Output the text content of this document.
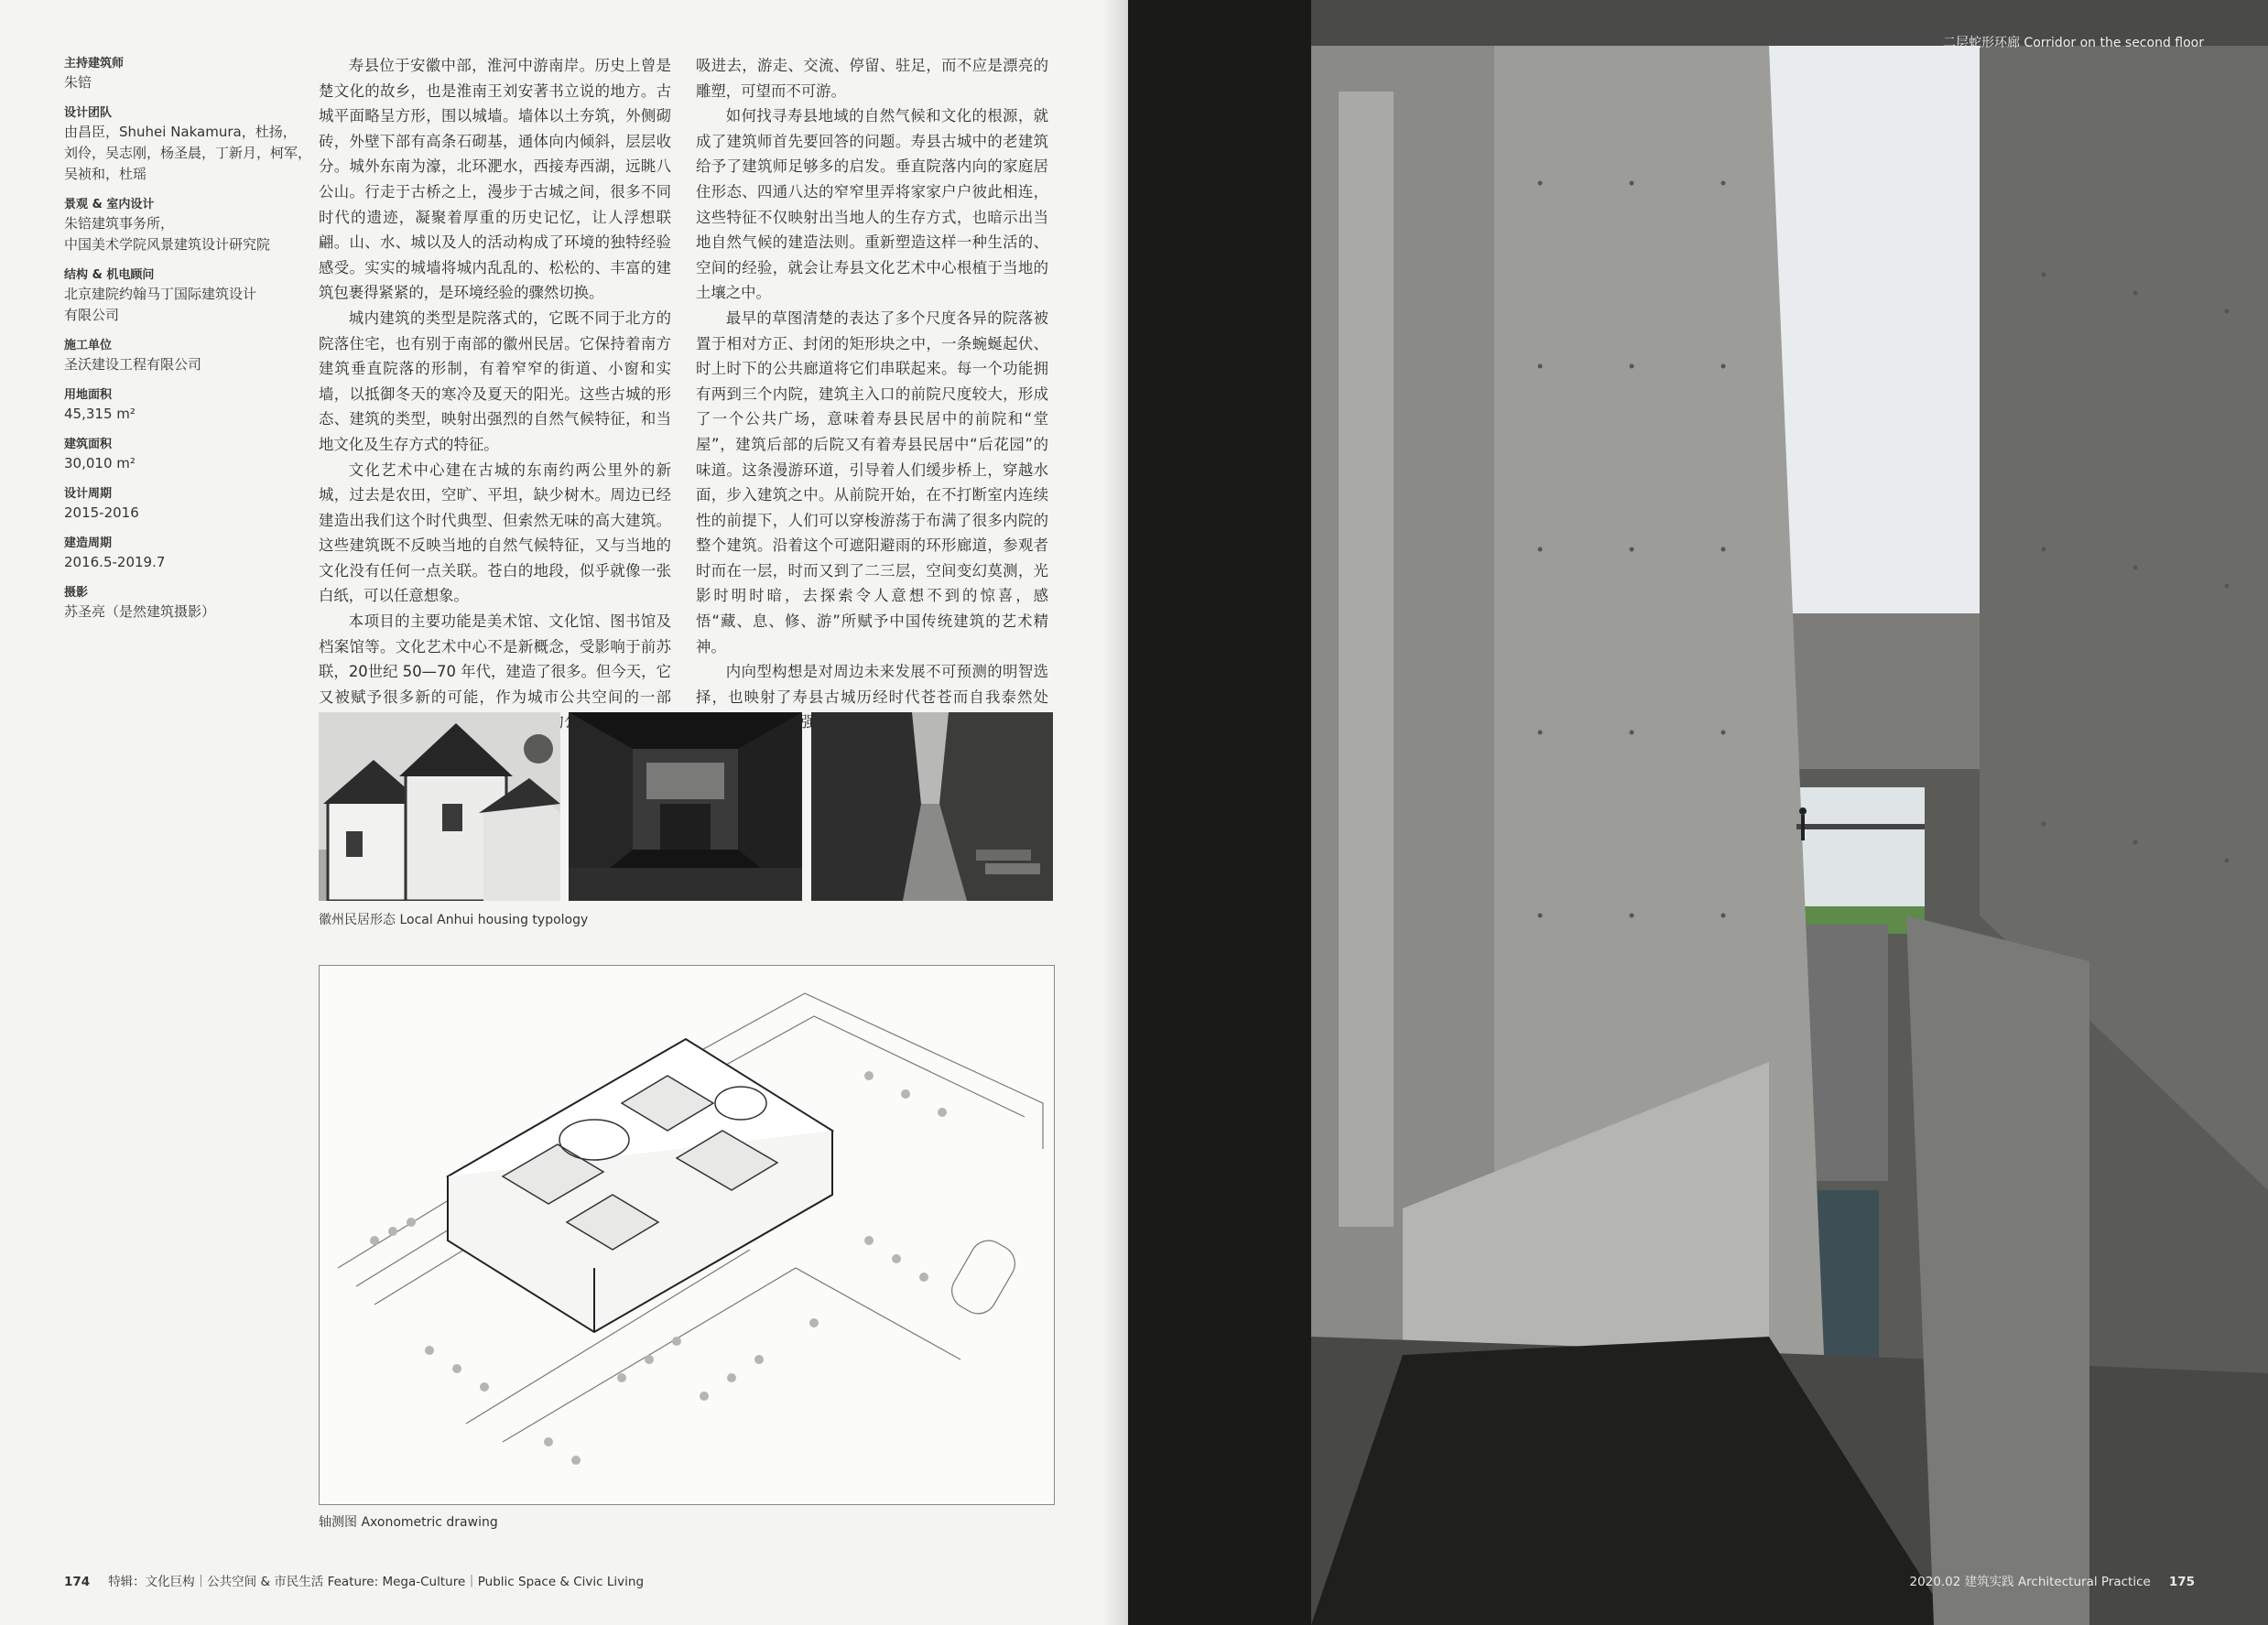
主持建筑师
朱锫
设计团队
由昌臣，Shuhei Nakamura，杜扬，
刘伶，吴志刚，杨圣晨，丁新月，柯军，
吴祯和，杜瑶
景观 & 室内设计
朱锫建筑事务所，
中国美术学院风景建筑设计研究院
结构 & 机电顾问
北京建院约翰马丁国际建筑设计
有限公司
施工单位
圣沃建设工程有限公司
用地面积
45,315 m²
建筑面积
30,010 m²
设计周期
2015-2016
建造周期
2016.5-2019.7
摄影
苏圣亮（是然建筑摄影）

寿县位于安徽中部，淮河中游南岸。历史上曾是楚文化的故乡，也是淮南王刘安著书立说的地方。古城平面略呈方形，围以城墙。墙体以土夯筑，外侧砌砖，外壁下部有高条石砌基，通体向内倾斜，层层收分。城外东南为濠，北环淝水，西接寿西湖，远眺八公山。行走于古桥之上，漫步于古城之间，很多不同时代的遗迹，凝聚着厚重的历史记忆，让人浮想联翩。山、水、城以及人的活动构成了环境的独特经验感受。实实的城墙将城内乱乱的、松松的、丰富的建筑包裹得紧紧的，是环境经验的骤然切换。

城内建筑的类型是院落式的，它既不同于北方的院落住宅，也有别于南部的徽州民居。它保持着南方建筑垂直院落的形制，有着窄窄的街道、小窗和实墙，以抵御冬天的寒冷及夏天的阳光。这些古城的形态、建筑的类型，映射出强烈的自然气候特征，和当地文化及生存方式的特征。

文化艺术中心建在古城的东南约两公里外的新城，过去是农田，空旷、平坦，缺少树木。周边已经建造出我们这个时代典型、但索然无味的高大建筑。这些建筑既不反映当地的自然气候特征，又与当地的文化没有任何一点关联。苍白的地段，似乎就像一张白纸，可以任意想象。

本项目的主要功能是美术馆、文化馆、图书馆及档案馆等。文化艺术中心不是新概念，受影响于前苏联，20世纪 50—70 年代，建造了很多。但今天，它又被赋予很多新的可能，作为城市公共空间的一部 的公

吸进去，游走、交流、停留、驻足，而不应是漂亮的雕塑，可望而不可游。

如何找寻寿县地域的自然气候和文化的根源，就成了建筑师首先要回答的问题。寿县古城中的老建筑给予了建筑师足够多的启发。垂直院落内向的家庭居住形态、四通八达的窄窄里弄将家家户户彼此相连，这些特征不仅映射出当地人的生存方式，也暗示出当地自然气候的建造法则。重新塑造这样一种生活的、空间的经验，就会让寿县文化艺术中心根植于当地的土壤之中。

最早的草图清楚的表达了多个尺度各异的院落被置于相对方正、封闭的矩形块之中，一条蜿蜒起伏、时上时下的公共廊道将它们串联起来。每一个功能拥有两到三个内院，建筑主入口的前院尺度较大，形成了一个公共广场，意味着寿县民居中的前院和“堂屋”，建筑后部的后院又有着寿县民居中“后花园”的味道。这条漫游环道，引导着人们缓步桥上，穿越水面，步入建筑之中。从前院开始，在不打断室内连续性的前提下，人们可以穿梭游荡于布满了很多内院的整个建筑。沿着这个可遮阳避雨的环形廊道，参观者时而在一层，时而又到了二三层，空间变幻莫测，光影时明时暗，去探索令人意想不到的惊喜，感悟“藏、息、修、游”所赋予中国传统建筑的艺术精神。

内向型构想是对周边未来发展不可预测的明智选择，也映射了寿县古城历经时代苍苍而自我泰然处 强

徽州民居形态 Local Anhui housing typology
轴测图 Axonometric drawing
174 特辑：文化巨构｜公共空间 & 市民生活 Feature: Mega-Culture｜Public Space & Civic Living
二层蛇形环廊 Corridor on the second floor
2020.02 建筑实践 Architectural Practice 175
